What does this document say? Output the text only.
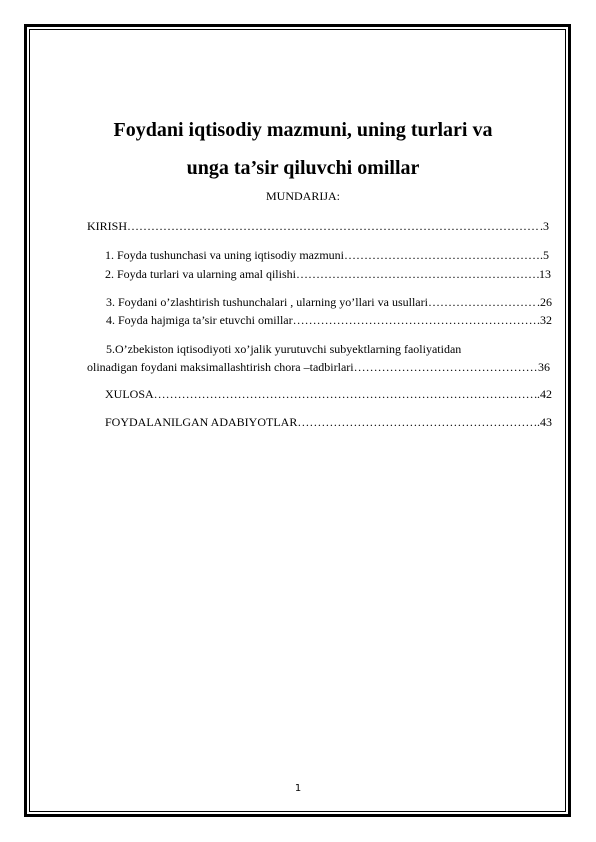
Foydani iqtisodiy mazmuni, uning turlari va
unga ta’sir qiluvchi omillar
MUNDARIJA:
KIRISH ……………………………………………………………………………………………………………………………………………………………………	.3
1. Foyda tushunchasi va uning iqtisodiy mazmuni ……………………………………………………………………………………………………………………………………………………………………	.5
2. Foyda turlari va ularning amal qilishi ……………………………………………………………………………………………………………………………………………………………………	13
3. Foydani o’zlashtirish tushunchalari , ularning yo’llari va usullari ……………………………………………………………………………………………………………………………………………………………………	.26
4. Foyda hajmiga ta’sir etuvchi omillar ……………………………………………………………………………………………………………………………………………………………………	.32
5.O’zbekiston iqtisodiyoti xo’jalik yurutuvchi subyektlarning faoliyatidan
olinadigan foydani maksimallashtirish chora –tadbirlari ……………………………………………………………………………………………………………………………………………………………………	36
XULOSA ……………………………………………………………………………………………………………………………………………………………………	.42
FOYDALANILGAN ADABIYOTLAR ……………………………………………………………………………………………………………………………………………………………………	.43
1
